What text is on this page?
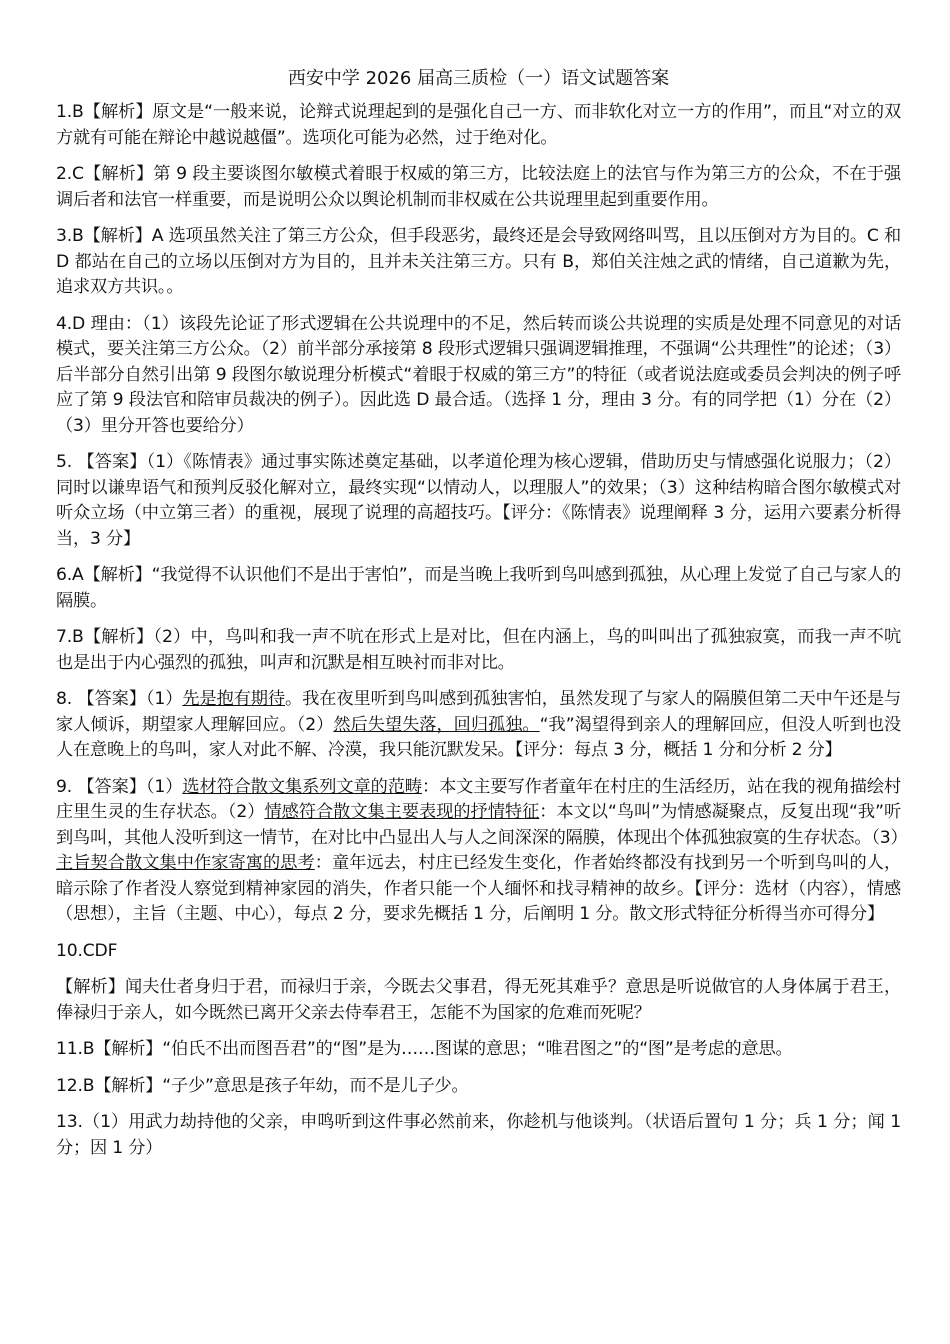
西安中学 2026 届高三质检（一）语文试题答案

1.B【解析】原文是“一般来说，论辩式说理起到的是强化自己一方、而非软化对立一方的作用”，而且“对立的双方就有可能在辩论中越说越僵”。选项化可能为必然，过于绝对化。

2.C【解析】第 9 段主要谈图尔敏模式着眼于权威的第三方，比较法庭上的法官与作为第三方的公众，不在于强调后者和法官一样重要，而是说明公众以舆论机制而非权威在公共说理里起到重要作用。

3.B【解析】A 选项虽然关注了第三方公众，但手段恶劣，最终还是会导致网络叫骂，且以压倒对方为目的。C 和 D 都站在自己的立场以压倒对方为目的，且并未关注第三方。只有 B，郑伯关注烛之武的情绪，自己道歉为先，追求双方共识。。

4.D 理由：（1）该段先论证了形式逻辑在公共说理中的不足，然后转而谈公共说理的实质是处理不同意见的对话模式，要关注第三方公众。（2）前半部分承接第 8 段形式逻辑只强调逻辑推理，不强调“公共理性”的论述；（3）后半部分自然引出第 9 段图尔敏说理分析模式“着眼于权威的第三方”的特征（或者说法庭或委员会判决的例子呼应了第 9 段法官和陪审员裁决的例子）。因此选 D 最合适。（选择 1 分，理由 3 分。有的同学把（1）分在（2）（3）里分开答也要给分）

5. 【答案】（1）《陈情表》通过事实陈述奠定基础，以孝道伦理为核心逻辑，借助历史与情感强化说服力；（2）同时以谦卑语气和预判反驳化解对立，最终实现“以情动人，以理服人”的效果；（3）这种结构暗合图尔敏模式对听众立场（中立第三者）的重视，展现了说理的高超技巧。【评分：《陈情表》说理阐释 3 分，运用六要素分析得当，3 分】

6.A【解析】“我觉得不认识他们不是出于害怕”，而是当晚上我听到鸟叫感到孤独，从心理上发觉了自己与家人的隔膜。

7.B【解析】（2）中，鸟叫和我一声不吭在形式上是对比，但在内涵上，鸟的叫叫出了孤独寂寞，而我一声不吭也是出于内心强烈的孤独，叫声和沉默是相互映衬而非对比。

8. 【答案】（1）先是抱有期待。我在夜里听到鸟叫感到孤独害怕，虽然发现了与家人的隔膜但第二天中午还是与家人倾诉，期望家人理解回应。（2）然后失望失落，回归孤独。“我”渴望得到亲人的理解回应，但没人听到也没人在意晚上的鸟叫，家人对此不解、冷漠，我只能沉默发呆。【评分：每点 3 分，概括 1 分和分析 2 分】

9. 【答案】（1）选材符合散文集系列文章的范畴：本文主要写作者童年在村庄的生活经历，站在我的视角描绘村庄里生灵的生存状态。（2）情感符合散文集主要表现的抒情特征：本文以“鸟叫”为情感凝聚点，反复出现“我”听到鸟叫，其他人没听到这一情节，在对比中凸显出人与人之间深深的隔膜，体现出个体孤独寂寞的生存状态。（3）主旨契合散文集中作家寄寓的思考：童年远去，村庄已经发生变化，作者始终都没有找到另一个听到鸟叫的人，暗示除了作者没人察觉到精神家园的消失，作者只能一个人缅怀和找寻精神的故乡。【评分：选材（内容），情感（思想），主旨（主题、中心），每点 2 分，要求先概括 1 分，后阐明 1 分。散文形式特征分析得当亦可得分】

10.CDF

【解析】闻夫仕者身归于君，而禄归于亲，今既去父事君，得无死其难乎？意思是听说做官的人身体属于君王，俸禄归于亲人，如今既然已离开父亲去侍奉君王，怎能不为国家的危难而死呢？

11.B【解析】“伯氏不出而图吾君”的“图”是为……图谋的意思；“唯君图之”的“图”是考虑的意思。

12.B【解析】“子少”意思是孩子年幼，而不是儿子少。

13.（1）用武力劫持他的父亲，申鸣听到这件事必然前来，你趁机与他谈判。（状语后置句 1 分；兵 1 分；闻 1 分；因 1 分）
